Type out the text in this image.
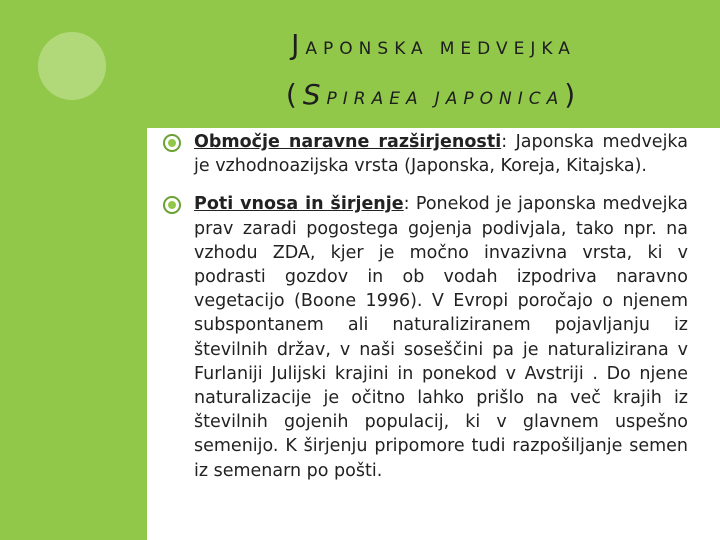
JAPONSKA MEDVEJKA
(SPIRAEA JAPONICA)
Območje naravne razširjenosti: Japonska medvejka je vzhodnoazijska vrsta (Japonska, Koreja, Kitajska).
Poti vnosa in širjenje: Ponekod je japonska medvejka prav zaradi pogostega gojenja podivjala, tako npr. na vzhodu ZDA, kjer je močno invazivna vrsta, ki v podrasti gozdov in ob vodah izpodriva naravno vegetacijo (Boone 1996). V Evropi poročajo o njenem subspontanem ali naturaliziranem pojavljanju iz številnih držav, v naši soseščini pa je naturalizirana v Furlaniji Julijski krajini in ponekod v Avstriji . Do njene naturalizacije je očitno lahko prišlo na več krajih iz številnih gojenih populacij, ki v glavnem uspešno semenijo. K širjenju pripomore tudi razpošiljanje semen iz semenarn po pošti.
